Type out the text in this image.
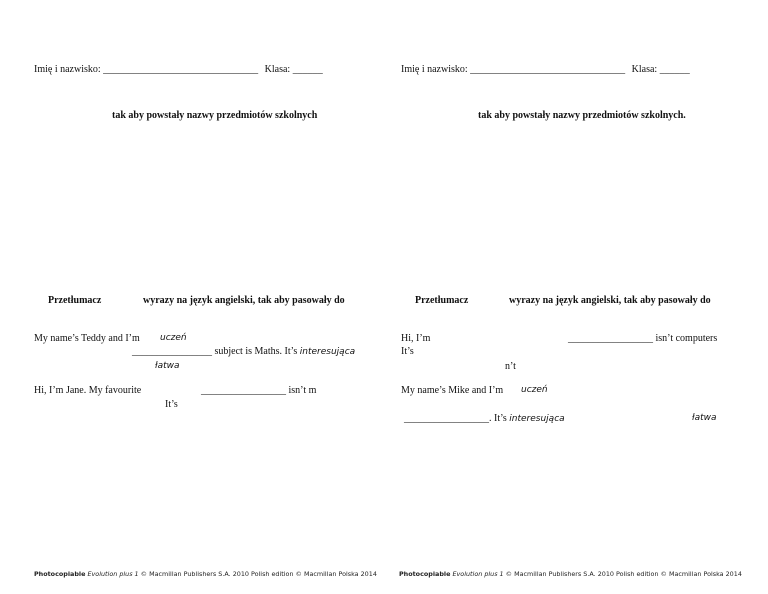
Imię i nazwisko: _______________________________ Klasa: ______
tak aby powstały nazwy przedmiotów szkolnych
Przetłumacz	wyrazy na język angielski, tak aby pasowały do
My name’s Teddy and I’m uczeń
________________ subject is Maths. It’s interesująca
łatwa
Hi, I’m Jane. My favourite	_________________ isn’t m
It’s
Photocopiable Evolution plus 1 © Macmillan Publishers S.A. 2010 Polish edition © Macmillan Polska 2014
Imię i nazwisko: _______________________________ Klasa: ______
tak aby powstały nazwy przedmiotów szkolnych.
Przetłumacz	wyrazy na język angielski, tak aby pasowały do
Hi, I’m	_________________ isn’t computers
It’s
n’t
My name’s Mike and I’m uczeń
_________________. It’s interesująca	łatwa
Photocopiable Evolution plus 1 © Macmillan Publishers S.A. 2010 Polish edition © Macmillan Polska 2014
